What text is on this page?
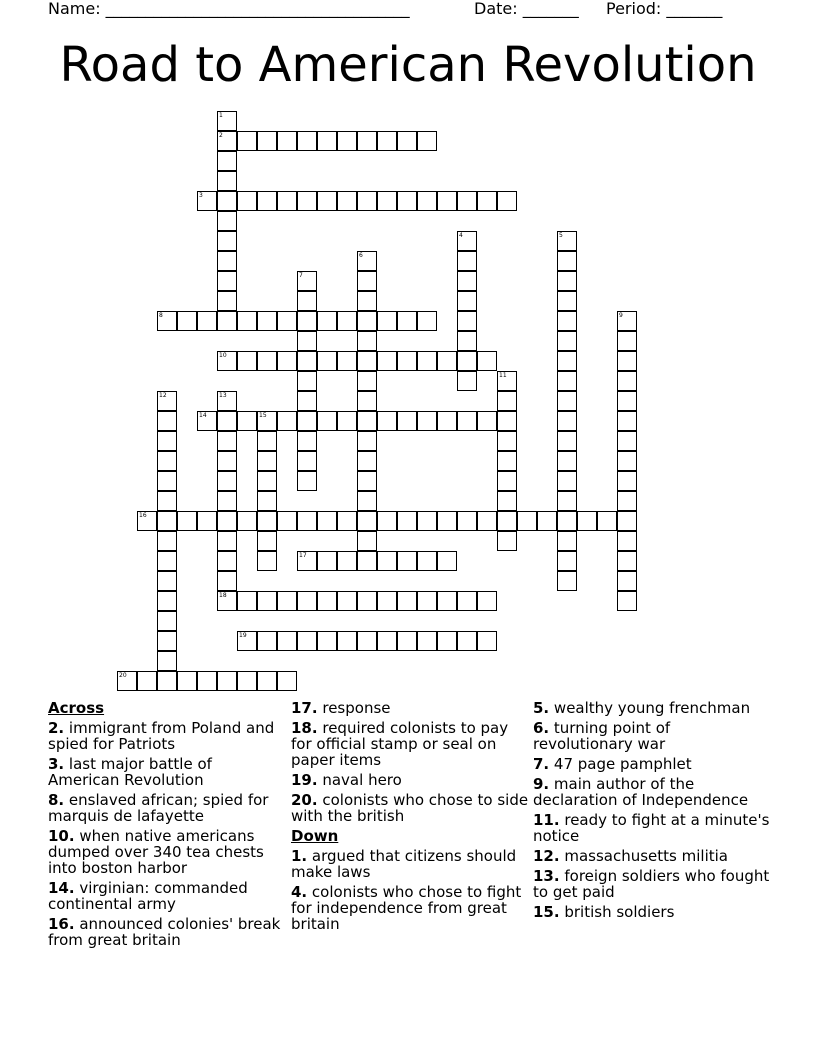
Name: ______________________________________	Date: _______ Period: _______
Road to American Revolution
1
2
3
4	5
6
7
8	9
10
11
12	13
18
14	15
16
17
19
20
Across
2. immigrant from Poland and spied for Patriots
3. last major battle of American Revolution
8. enslaved african; spied for marquis de lafayette
10. when native americans dumped over 340 tea chests into boston harbor
14. virginian: commanded continental army
16. announced colonies' break from great britain
17. response
18. required colonists to pay for official stamp or seal on paper items
19. naval hero
20. colonists who chose to side with the british
Down
1. argued that citizens should make laws
4. colonists who chose to fight for independence from great britain
5. wealthy young frenchman
6. turning point of revolutionary war
7. 47 page pamphlet
9. main author of the declaration of Independence
11. ready to fight at a minute's notice
12. massachusetts militia
13. foreign soldiers who fought to get paid
15. british soldiers
